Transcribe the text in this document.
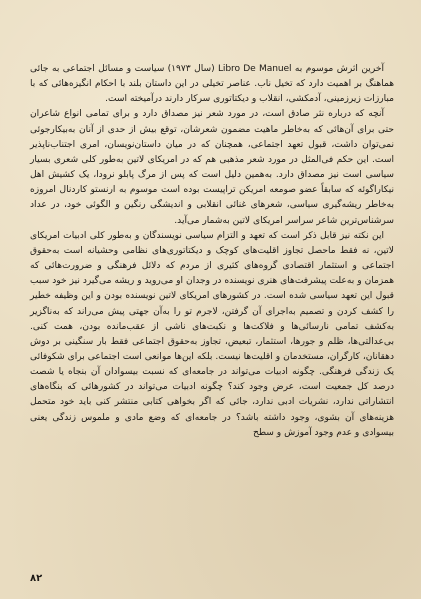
آخرین اثرش موسوم به Libro De Manuel (سال ۱۹۷۳) سیاست و مسائل اجتماعی به جائی هماهنگ بر اهمیت دارد که تخیل ناب. عناصر تخیلی در این داستان بلند با احکام انگیزه‌هائی که با مبارزات زیرزمینی، آدمکشی، انقلاب و دیکتاتوری سرکار دارند درآمیخته است.

آنچه که درباره نثر صادق است، در مورد شعر نیز مصداق دارد و برای تمامی انواع شاعران حتی برای آن‌هائی که به‌خاطر ماهیت مضمون شعرشان، توقع بیش از حدی از آنان به‌بیکارجوئی نمی‌توان داشت، قبول تعهد اجتماعی، همچنان که در میان داستان‌نویسان، امری اجتناب‌ناپذیر است. این حکم فی‌المثل در مورد شعر مذهبی هم که در امریکای لاتین به‌طور کلی شعری بسیار سیاسی است نیز مصداق دارد. به‌همین دلیل است که پس از مرگ پابلو نرودا، یک کشیش اهل نیکاراگوئه که سابقاً عضو صومعه امریکن تراپیست بوده است موسوم به ارنستو کاردنال امروزه به‌خاطر ریشه‌گیری سیاسی، شعرهای غنائی انقلابی و اندیشگی رنگین و الگوئی خود، در عداد سرشناس‌ترین شاعر سراسر امریکای لاتین به‌شمار می‌آید.

این نکته نیز قابل ذکر است که تعهد و التزام سیاسی نویسندگان و به‌طور کلی ادبیات امریکای لاتین، نه فقط ماحصل تجاوز اقلیت‌های کوچک و دیکتاتوری‌های نظامی وحشیانه است به‌حقوق اجتماعی و استثمار اقتصادی گروه‌های کثیری از مردم که دلائل فرهنگی و ضرورت‌هائی که همزمان و به‌علت پیشرفت‌های هنری نویسنده در وجدان او می‌روید و ریشه می‌گیرد نیز خود سبب قبول این تعهد سیاسی شده است. در کشورهای امریکای لاتین نویسنده بودن و این وظیفه خطیر را کشف کردن و تصمیم به‌اجرای آن گرفتن، لاجرم تو را به‌آن جهتی پیش می‌راند که به‌ناگزیر به‌کشف تمامی نارسائی‌ها و فلاکت‌ها و نکبت‌های ناشی از عقب‌مانده بودن، همت کنی. بی‌عدالتی‌ها، ظلم و جورها، استثمار، تبعیض، تجاوز به‌حقوق اجتماعی فقط بار سنگینی بر دوش دهقانان، کارگران، مستخدمان و اقلیت‌ها نیست. بلکه این‌ها موانعی است اجتماعی برای شکوفائی یک زندگی فرهنگی. چگونه ادبیات می‌تواند در جامعه‌ای که نسبت بیسوادان آن بنجاه یا شصت درصد کل جمعیت است، عرض وجود کند؟ چگونه ادبیات می‌تواند در کشورهائی که بنگاه‌های انتشاراتی ندارد، نشریات ادبی ندارد، جائی که اگر بخواهی کتابی منتشر کنی باید خود متحمل هزینه‌های آن بشوی، وجود داشته باشد؟ در جامعه‌ای که وضع مادی و ملموس زندگی یعنی بیسوادی و عدم وجود آموزش و سطح

۸۲
